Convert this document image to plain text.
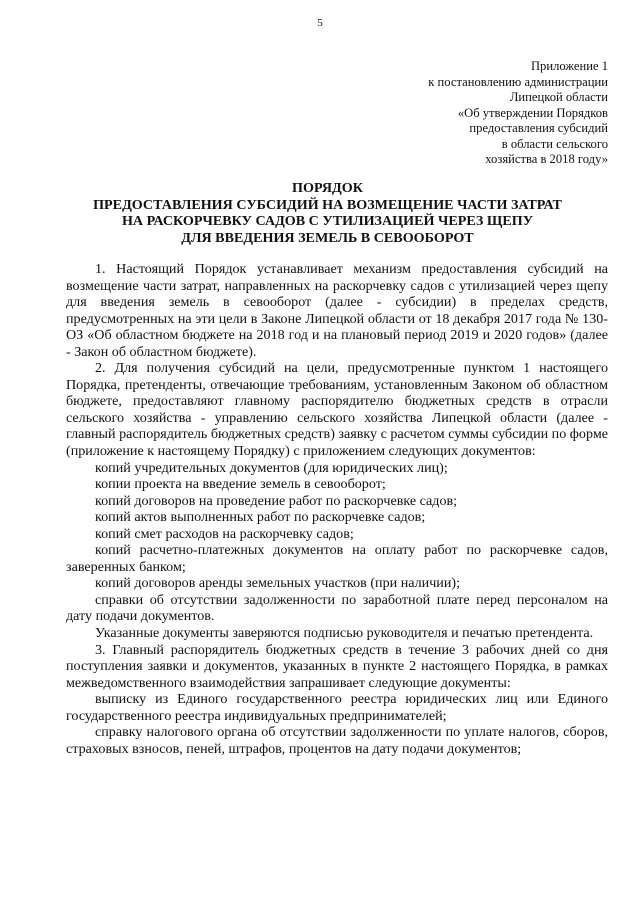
5
Приложение 1
к постановлению администрации
Липецкой области
«Об утверждении Порядков
предоставления субсидий
в области сельского
хозяйства в 2018 году»
ПОРЯДОК
ПРЕДОСТАВЛЕНИЯ СУБСИДИЙ НА ВОЗМЕЩЕНИЕ ЧАСТИ ЗАТРАТ
НА РАСКОРЧЕВКУ САДОВ С УТИЛИЗАЦИЕЙ ЧЕРЕЗ ЩЕПУ
ДЛЯ ВВЕДЕНИЯ ЗЕМЕЛЬ В СЕВООБОРОТ

1. Настоящий Порядок устанавливает механизм предоставления субсидий на возмещение части затрат, направленных на раскорчевку садов с утилизацией через щепу для введения земель в севооборот (далее - субсидии) в пределах средств, предусмотренных на эти цели в Законе Липецкой области от 18 декабря 2017 года № 130-ОЗ «Об областном бюджете на 2018 год и на плановый период 2019 и 2020 годов» (далее - Закон об областном бюджете).

2. Для получения субсидий на цели, предусмотренные пунктом 1 настоящего Порядка, претенденты, отвечающие требованиям, установленным Законом об областном бюджете, предоставляют главному распорядителю бюджетных средств в отрасли сельского хозяйства - управлению сельского хозяйства Липецкой области (далее - главный распорядитель бюджетных средств) заявку с расчетом суммы субсидии по форме (приложение к настоящему Порядку) с приложением следующих документов:

копий учредительных документов (для юридических лиц);

копии проекта на введение земель в севооборот;

копий договоров на проведение работ по раскорчевке садов;

копий актов выполненных работ по раскорчевке садов;

копий смет расходов на раскорчевку садов;

копий расчетно-платежных документов на оплату работ по раскорчевке садов, заверенных банком;

копий договоров аренды земельных участков (при наличии);

справки об отсутствии задолженности по заработной плате перед персоналом на дату подачи документов.

Указанные документы заверяются подписью руководителя и печатью претендента.

3. Главный распорядитель бюджетных средств в течение 3 рабочих дней со дня поступления заявки и документов, указанных в пункте 2 настоящего Порядка, в рамках межведомственного взаимодействия запрашивает следующие документы:

выписку из Единого государственного реестра юридических лиц или Единого государственного реестра индивидуальных предпринимателей;

справку налогового органа об отсутствии задолженности по уплате налогов, сборов, страховых взносов, пеней, штрафов, процентов на дату подачи документов;
